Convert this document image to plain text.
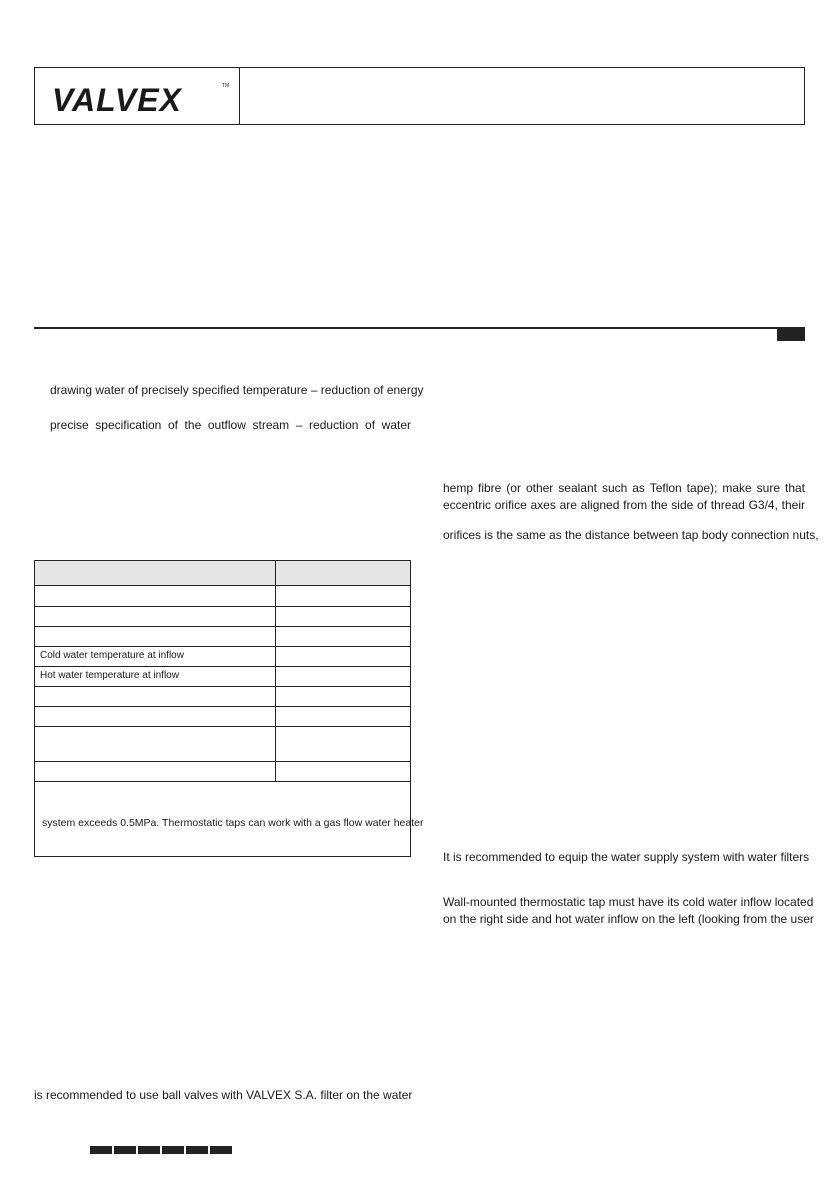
VALVEX	TM

drawing water of precisely specified temperature – reduction of energy

precise specification of the outflow stream – reduction of water

Cold water temperature at inflow
Hot water temperature at inflow
system exceeds 0.5MPa. Thermostatic taps can work with a gas flow water heater

is recommended to use ball valves with VALVEX S.A. filter on the water

hemp fibre (or other sealant such as Teflon tape); make sure that

eccentric orifice axes are aligned from the side of thread G3/4, their

orifices is the same as the distance between tap body connection nuts,

It is recommended to equip the water supply system with water filters

Wall-mounted thermostatic tap must have its cold water inflow located

on the right side and hot water inflow on the left (looking from the user
